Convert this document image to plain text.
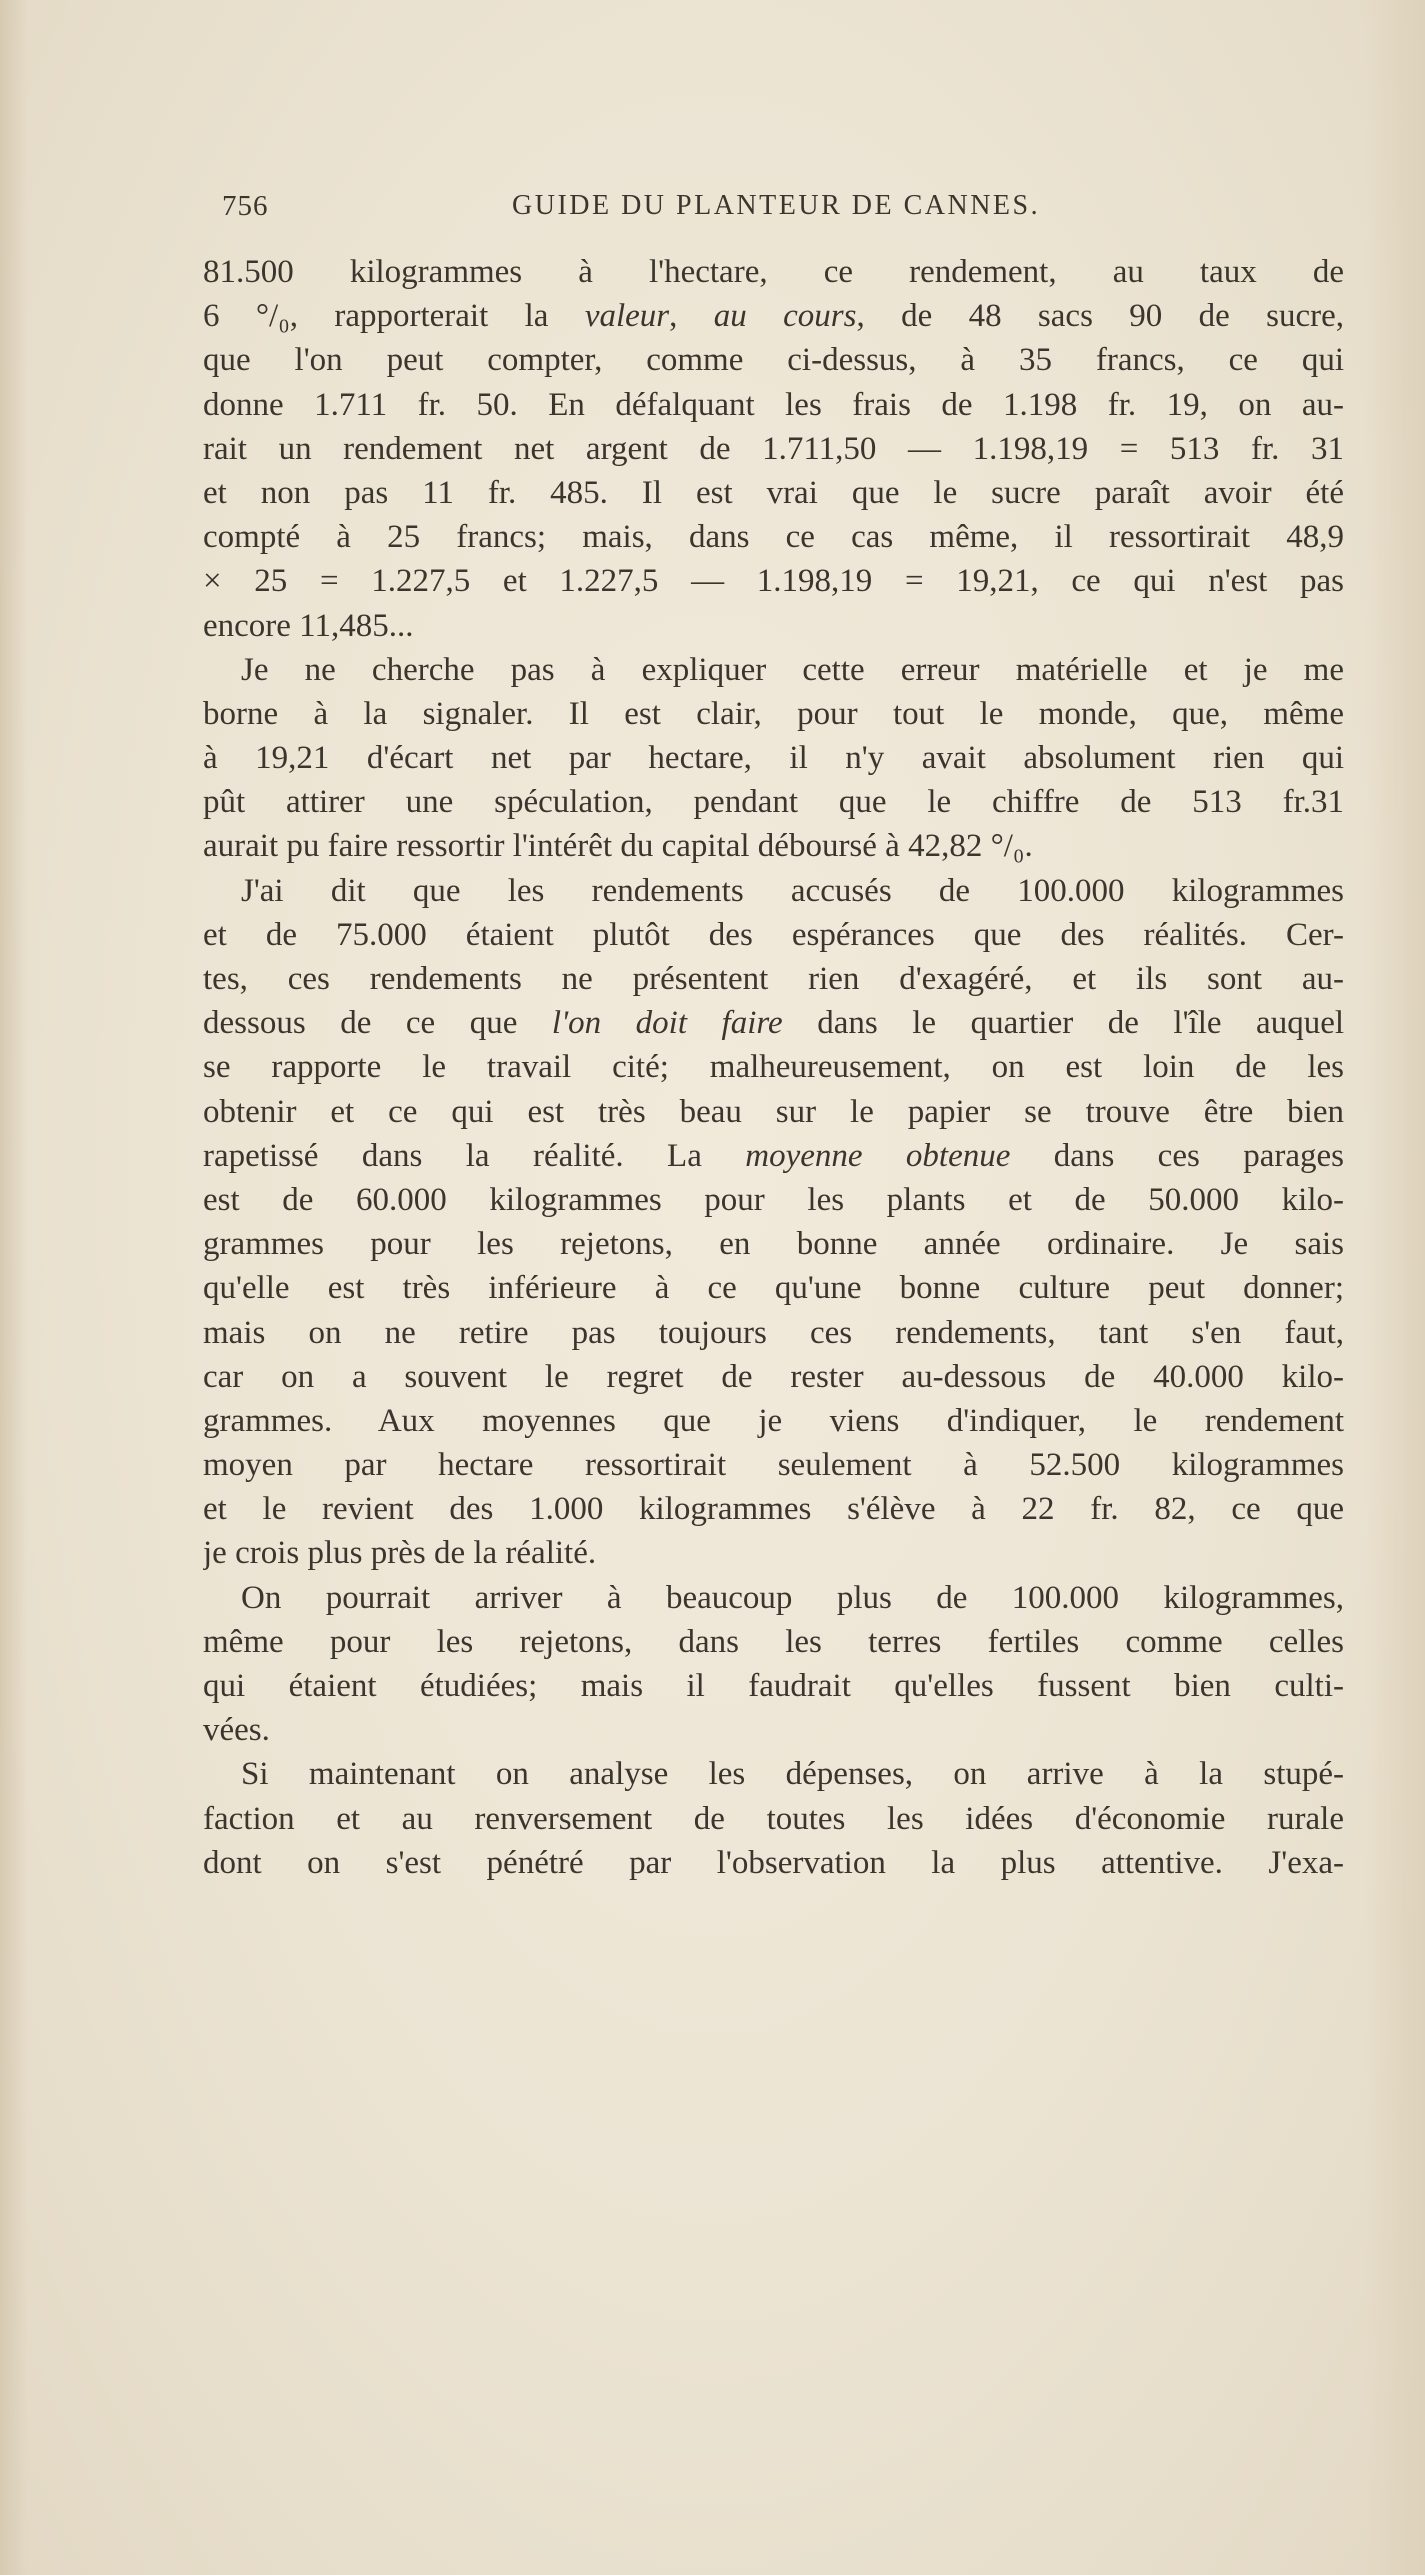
756	GUIDE DU PLANTEUR DE CANNES.
81.500 kilogrammes à l'hectare, ce rendement, au taux de
6 °/₀, rapporterait la valeur, au cours, de 48 sacs 90 de sucre,
que l'on peut compter, comme ci-dessus, à 35 francs, ce qui
donne 1.711 fr. 50. En défalquant les frais de 1.198 fr. 19, on au-
rait un rendement net argent de 1.711,50 — 1.198,19 = 513 fr. 31
et non pas 11 fr. 485. Il est vrai que le sucre paraît avoir été
compté à 25 francs; mais, dans ce cas même, il ressortirait 48,9
× 25 = 1.227,5 et 1.227,5 — 1.198,19 = 19,21, ce qui n'est pas
encore 11,485...
Je ne cherche pas à expliquer cette erreur matérielle et je me
borne à la signaler. Il est clair, pour tout le monde, que, même
à 19,21 d'écart net par hectare, il n'y avait absolument rien qui
pût attirer une spéculation, pendant que le chiffre de 513 fr.31
aurait pu faire ressortir l'intérêt du capital déboursé à 42,82 °/₀.
J'ai dit que les rendements accusés de 100.000 kilogrammes
et de 75.000 étaient plutôt des espérances que des réalités. Cer-
tes, ces rendements ne présentent rien d'exagéré, et ils sont au-
dessous de ce que l'on doit faire dans le quartier de l'île auquel
se rapporte le travail cité; malheureusement, on est loin de les
obtenir et ce qui est très beau sur le papier se trouve être bien
rapetissé dans la réalité. La moyenne obtenue dans ces parages
est de 60.000 kilogrammes pour les plants et de 50.000 kilo-
grammes pour les rejetons, en bonne année ordinaire. Je sais
qu'elle est très inférieure à ce qu'une bonne culture peut donner;
mais on ne retire pas toujours ces rendements, tant s'en faut,
car on a souvent le regret de rester au-dessous de 40.000 kilo-
grammes. Aux moyennes que je viens d'indiquer, le rendement
moyen par hectare ressortirait seulement à 52.500 kilogrammes
et le revient des 1.000 kilogrammes s'élève à 22 fr. 82, ce que
je crois plus près de la réalité.
On pourrait arriver à beaucoup plus de 100.000 kilogrammes,
même pour les rejetons, dans les terres fertiles comme celles
qui étaient étudiées; mais il faudrait qu'elles fussent bien culti-
vées.
Si maintenant on analyse les dépenses, on arrive à la stupé-
faction et au renversement de toutes les idées d'économie rurale
dont on s'est pénétré par l'observation la plus attentive. J'exa-
